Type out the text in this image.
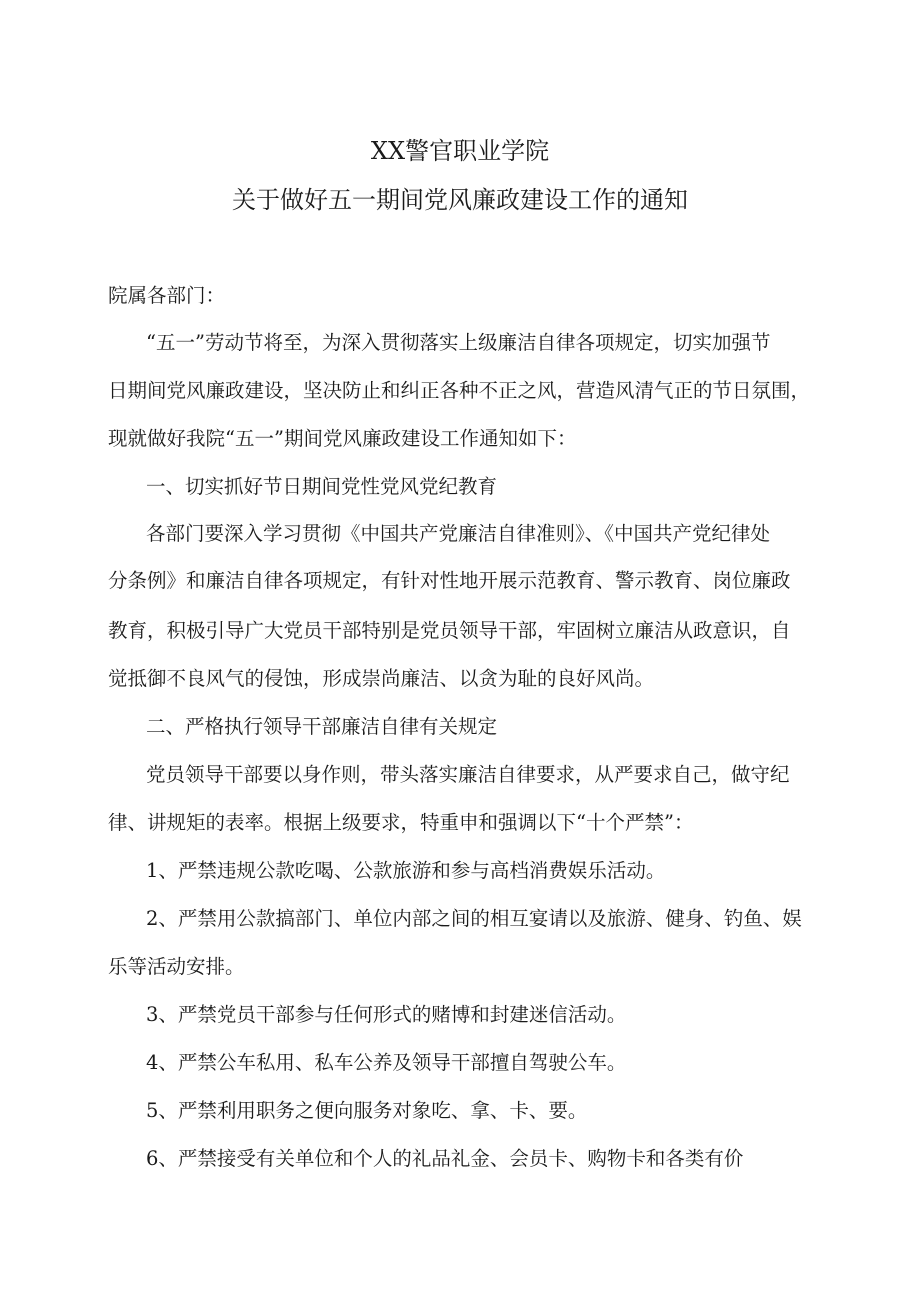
XX警官职业学院
关于做好五一期间党风廉政建设工作的通知
院属各部门：
“五一”劳动节将至，为深入贯彻落实上级廉洁自律各项规定，切实加强节
日期间党风廉政建设，坚决防止和纠正各种不正之风，营造风清气正的节日氛围，
现就做好我院“五一”期间党风廉政建设工作通知如下：
一、切实抓好节日期间党性党风党纪教育
各部门要深入学习贯彻《中国共产党廉洁自律准则》、《中国共产党纪律处
分条例》和廉洁自律各项规定，有针对性地开展示范教育、警示教育、岗位廉政
教育，积极引导广大党员干部特别是党员领导干部，牢固树立廉洁从政意识，自
觉抵御不良风气的侵蚀，形成崇尚廉洁、以贪为耻的良好风尚。
二、严格执行领导干部廉洁自律有关规定
党员领导干部要以身作则，带头落实廉洁自律要求，从严要求自己，做守纪
律、讲规矩的表率。根据上级要求，特重申和强调以下“十个严禁”：
1、严禁违规公款吃喝、公款旅游和参与高档消费娱乐活动。
2、严禁用公款搞部门、单位内部之间的相互宴请以及旅游、健身、钓鱼、娱
乐等活动安排。
3、严禁党员干部参与任何形式的赌博和封建迷信活动。
4、严禁公车私用、私车公养及领导干部擅自驾驶公车。
5、严禁利用职务之便向服务对象吃、拿、卡、要。
6、严禁接受有关单位和个人的礼品礼金、会员卡、购物卡和各类有价
